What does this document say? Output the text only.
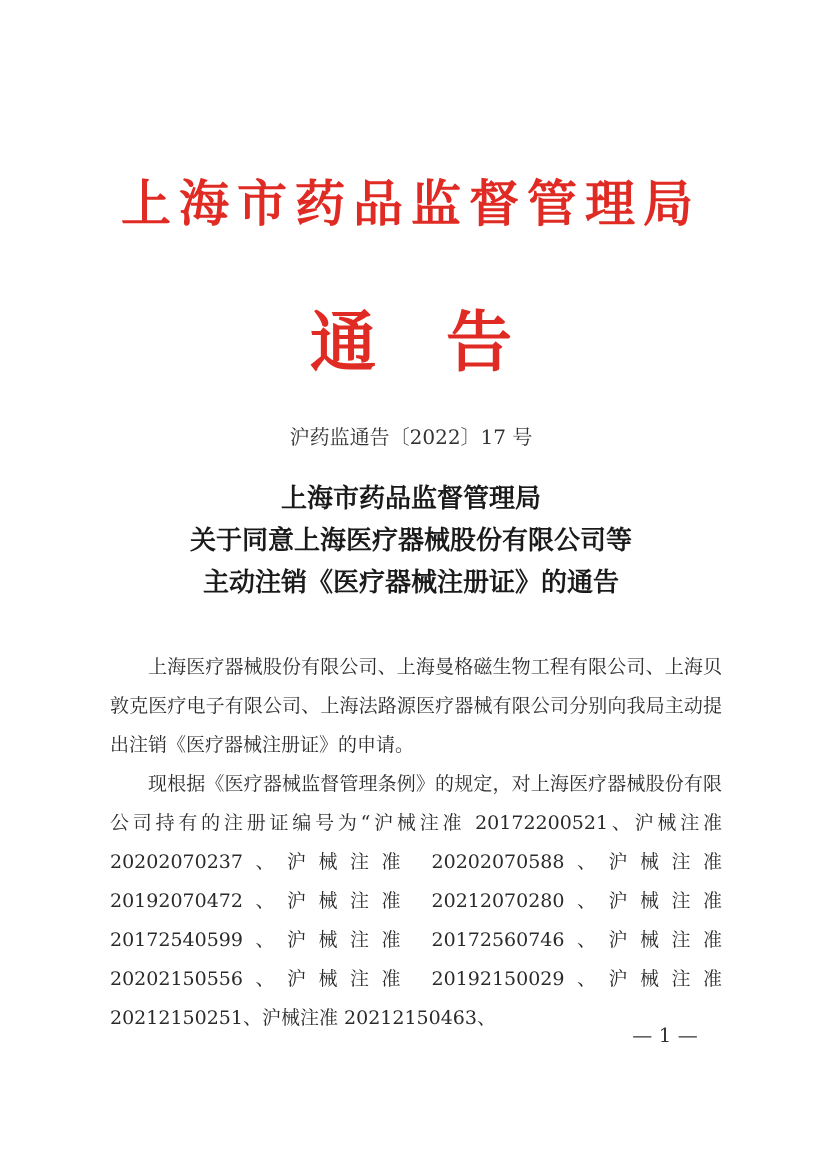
上海市药品监督管理局
通告
沪药监通告〔2022〕17 号
上海市药品监督管理局
关于同意上海医疗器械股份有限公司等
主动注销《医疗器械注册证》的通告

上海医疗器械股份有限公司、上海曼格磁生物工程有限公司、上海贝敦克医疗电子有限公司、上海法路源医疗器械有限公司分别向我局主动提出注销《医疗器械注册证》的申请。

现根据《医疗器械监督管理条例》的规定，对上海医疗器械股份有限公司持有的注册证编号为“沪械注准 20172200521、沪械注准 20202070237、沪械注准 20202070588、沪械注准 20192070472、沪械注准 20212070280、沪械注准 20172540599、沪械注准 20172560746、沪械注准 20202150556、沪械注准 20192150029、沪械注准 20212150251、沪械注准 20212150463、

— 1 —
